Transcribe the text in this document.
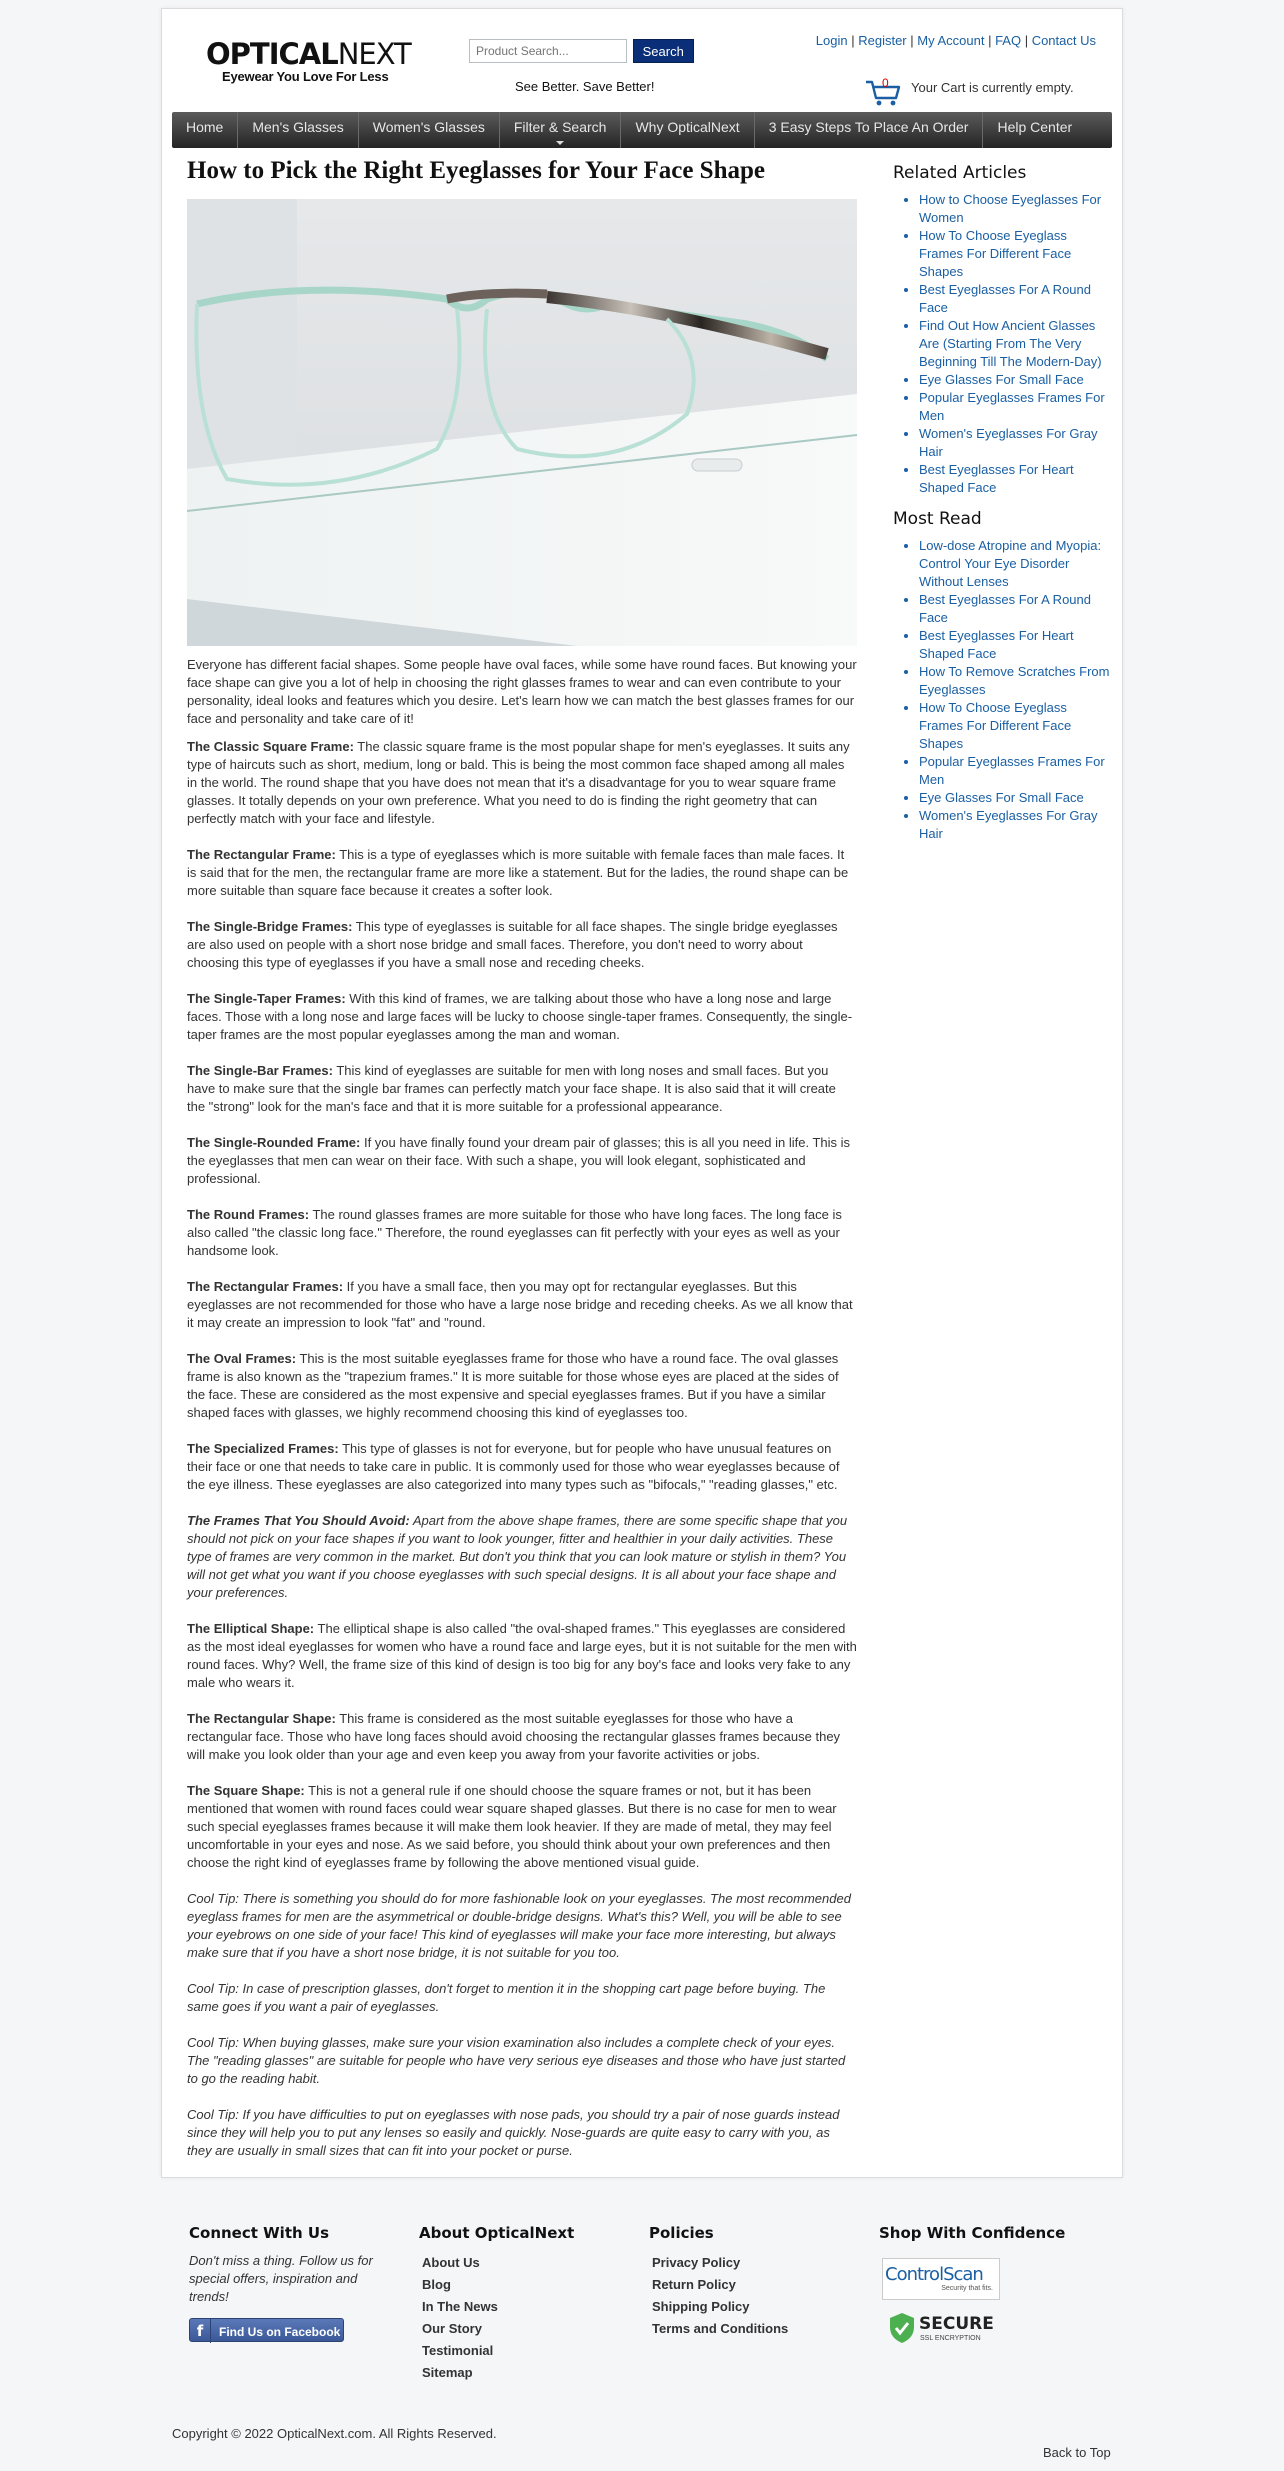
OPTICALNEXT
Eyewear You Love For Less
Product Search... Search
See Better. Save Better!
Login | Register | My Account | FAQ | Contact Us
0 Your Cart is currently empty.
Home	Men's Glasses	Women's Glasses	Filter & Search	Why OpticalNext	3 Easy Steps To Place An Order	Help Center
How to Pick the Right Eyeglasses for Your Face Shape

Everyone has different facial shapes. Some people have oval faces, while some have round faces. But knowing your face shape can give you a lot of help in choosing the right glasses frames to wear and can even contribute to your personality, ideal looks and features which you desire. Let's learn how we can match the best glasses frames for our face and personality and take care of it!

The Classic Square Frame: The classic square frame is the most popular shape for men's eyeglasses. It suits any type of haircuts such as short, medium, long or bald. This is being the most common face shaped among all males in the world. The round shape that you have does not mean that it's a disadvantage for you to wear square frame glasses. It totally depends on your own preference. What you need to do is finding the right geometry that can perfectly match with your face and lifestyle.

The Rectangular Frame: This is a type of eyeglasses which is more suitable with female faces than male faces. It is said that for the men, the rectangular frame are more like a statement. But for the ladies, the round shape can be more suitable than square face because it creates a softer look.

The Single-Bridge Frames: This type of eyeglasses is suitable for all face shapes. The single bridge eyeglasses are also used on people with a short nose bridge and small faces. Therefore, you don't need to worry about choosing this type of eyeglasses if you have a small nose and receding cheeks.

The Single-Taper Frames: With this kind of frames, we are talking about those who have a long nose and large faces. Those with a long nose and large faces will be lucky to choose single-taper frames. Consequently, the single-taper frames are the most popular eyeglasses among the man and woman.

The Single-Bar Frames: This kind of eyeglasses are suitable for men with long noses and small faces. But you have to make sure that the single bar frames can perfectly match your face shape. It is also said that it will create the "strong" look for the man's face and that it is more suitable for a professional appearance.

The Single-Rounded Frame: If you have finally found your dream pair of glasses; this is all you need in life. This is the eyeglasses that men can wear on their face. With such a shape, you will look elegant, sophisticated and professional.

The Round Frames: The round glasses frames are more suitable for those who have long faces. The long face is also called "the classic long face." Therefore, the round eyeglasses can fit perfectly with your eyes as well as your handsome look.

The Rectangular Frames: If you have a small face, then you may opt for rectangular eyeglasses. But this eyeglasses are not recommended for those who have a large nose bridge and receding cheeks. As we all know that it may create an impression to look "fat" and "round.

The Oval Frames: This is the most suitable eyeglasses frame for those who have a round face. The oval glasses frame is also known as the "trapezium frames." It is more suitable for those whose eyes are placed at the sides of the face. These are considered as the most expensive and special eyeglasses frames. But if you have a similar shaped faces with glasses, we highly recommend choosing this kind of eyeglasses too.

The Specialized Frames: This type of glasses is not for everyone, but for people who have unusual features on their face or one that needs to take care in public. It is commonly used for those who wear eyeglasses because of the eye illness. These eyeglasses are also categorized into many types such as "bifocals," "reading glasses," etc.

The Frames That You Should Avoid: Apart from the above shape frames, there are some specific shape that you should not pick on your face shapes if you want to look younger, fitter and healthier in your daily activities. These type of frames are very common in the market. But don't you think that you can look mature or stylish in them? You will not get what you want if you choose eyeglasses with such special designs. It is all about your face shape and your preferences.

The Elliptical Shape: The elliptical shape is also called "the oval-shaped frames." This eyeglasses are considered as the most ideal eyeglasses for women who have a round face and large eyes, but it is not suitable for the men with round faces. Why? Well, the frame size of this kind of design is too big for any boy's face and looks very fake to any male who wears it.

The Rectangular Shape: This frame is considered as the most suitable eyeglasses for those who have a rectangular face. Those who have long faces should avoid choosing the rectangular glasses frames because they will make you look older than your age and even keep you away from your favorite activities or jobs.

The Square Shape: This is not a general rule if one should choose the square frames or not, but it has been mentioned that women with round faces could wear square shaped glasses. But there is no case for men to wear such special eyeglasses frames because it will make them look heavier. If they are made of metal, they may feel uncomfortable in your eyes and nose. As we said before, you should think about your own preferences and then choose the right kind of eyeglasses frame by following the above mentioned visual guide.

Cool Tip: There is something you should do for more fashionable look on your eyeglasses. The most recommended eyeglass frames for men are the asymmetrical or double-bridge designs. What's this? Well, you will be able to see your eyebrows on one side of your face! This kind of eyeglasses will make your face more interesting, but always make sure that if you have a short nose bridge, it is not suitable for you too.

Cool Tip: In case of prescription glasses, don't forget to mention it in the shopping cart page before buying. The same goes if you want a pair of eyeglasses.

Cool Tip: When buying glasses, make sure your vision examination also includes a complete check of your eyes. The "reading glasses" are suitable for people who have very serious eye diseases and those who have just started to go the reading habit.

Cool Tip: If you have difficulties to put on eyeglasses with nose pads, you should try a pair of nose guards instead since they will help you to put any lenses so easily and quickly. Nose-guards are quite easy to carry with you, as they are usually in small sizes that can fit into your pocket or purse.

Related Articles
• How to Choose Eyeglasses For Women
• How To Choose Eyeglass Frames For Different Face Shapes
• Best Eyeglasses For A Round Face
• Find Out How Ancient Glasses Are (Starting From The Very Beginning Till The Modern-Day)
• Eye Glasses For Small Face
• Popular Eyeglasses Frames For Men
• Women's Eyeglasses For Gray Hair
• Best Eyeglasses For Heart Shaped Face
Most Read
• Low-dose Atropine and Myopia: Control Your Eye Disorder Without Lenses
• Best Eyeglasses For A Round Face
• Best Eyeglasses For Heart Shaped Face
• How To Remove Scratches From Eyeglasses
• How To Choose Eyeglass Frames For Different Face Shapes
• Popular Eyeglasses Frames For Men
• Eye Glasses For Small Face
• Women's Eyeglasses For Gray Hair
Connect With Us
Don't miss a thing. Follow us for special offers, inspiration and trends!
f Find Us on Facebook
About OpticalNext
About Us
Blog
In The News
Our Story
Testimonial
Sitemap
Policies
Privacy Policy
Return Policy
Shipping Policy
Terms and Conditions
Shop With Confidence
ControlScan
Security that fits.
SECURE
SSL ENCRYPTION
Copyright © 2022 OpticalNext.com. All Rights Reserved.
Back to Top
